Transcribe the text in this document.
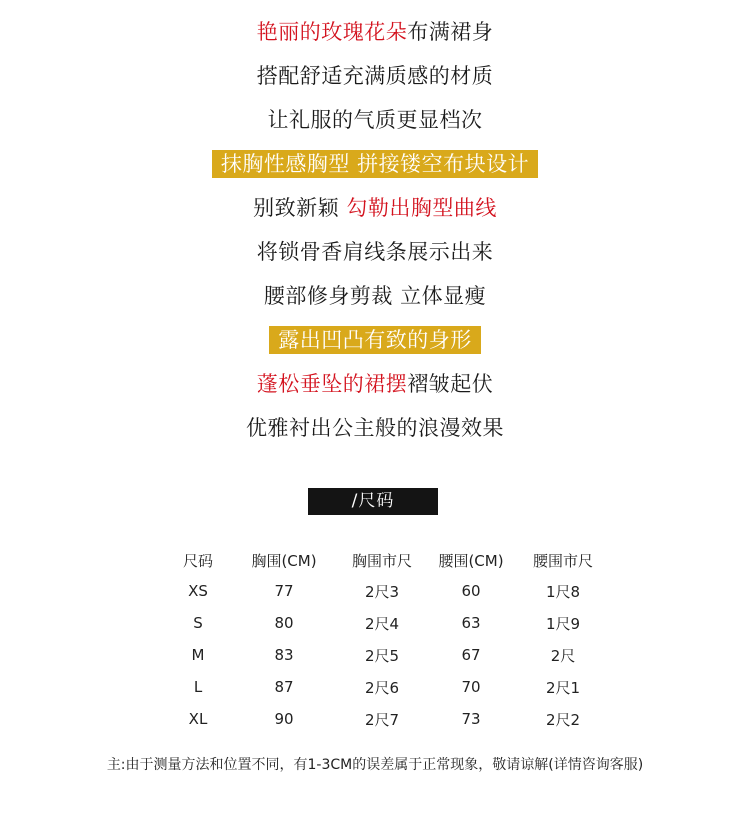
艳丽的玫瑰花朵布满裙身
搭配舒适充满质感的材质
让礼服的气质更显档次
抹胸性感胸型 拼接镂空布块设计
别致新颖 勾勒出胸型曲线
将锁骨香肩线条展示出来
腰部修身剪裁 立体显瘦
露出凹凸有致的身形
蓬松垂坠的裙摆褶皱起伏
优雅衬出公主般的浪漫效果
/尺码
尺码	胸围(CM)	胸围市尺	腰围(CM)	腰围市尺
XS	77	2尺3	60	1尺8
S	80	2尺4	63	1尺9
M	83	2尺5	67	2尺
L	87	2尺6	70	2尺1
XL	90	2尺7	73	2尺2
主:由于测量方法和位置不同，有1-3CM的误差属于正常现象，敬请谅解(详情咨询客服)
